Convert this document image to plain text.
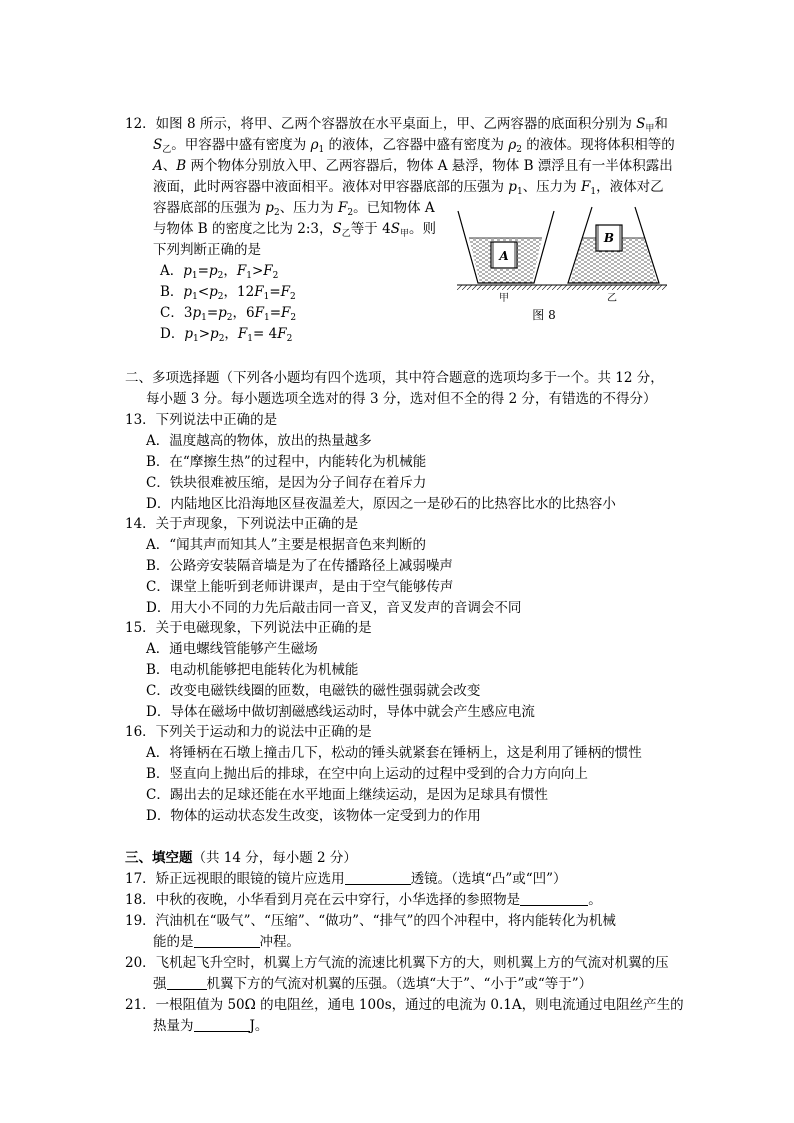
12．如图 8 所示，将甲、乙两个容器放在水平桌面上，甲、乙两容器的底面积分别为 $S_甲$和
$S_乙$。甲容器中盛有密度为 $\rho_1$ 的液体，乙容器中盛有密度为 $\rho_2$ 的液体。现将体积相等的
A、B 两个物体分别放入甲、乙两容器后，物体 A 悬浮，物体 B 漂浮且有一半体积露出
液面，此时两容器中液面相平。液体对甲容器底部的压强为 $p_1$、压力为 $F_1$，液体对乙
容器底部的压强为 $p_2$、压力为 $F_2$。已知物体 A
与物体 B 的密度之比为 2:3，$S_乙$等于 $4S_甲$。则
下列判断正确的是
A．$p_1=p_2$，$F_1>F_2$
B．$p_1<p_2$，$12F_1=F_2$
C．$3p_1=p_2$，$6F_1=F_2$
D．$p_1>p_2$，$F_1= 4F_2$
A
B
甲	乙
图 8
二、多项选择题（下列各小题均有四个选项，其中符合题意的选项均多于一个。共 12 分，
每小题 3 分。每小题选项全选对的得 3 分，选对但不全的得 2 分，有错选的不得分）
13．下列说法中正确的是
A．温度越高的物体，放出的热量越多
B．在“摩擦生热”的过程中，内能转化为机械能
C．铁块很难被压缩，是因为分子间存在着斥力
D．内陆地区比沿海地区昼夜温差大，原因之一是砂石的比热容比水的比热容小
14．关于声现象，下列说法中正确的是
A．“闻其声而知其人”主要是根据音色来判断的
B．公路旁安装隔音墙是为了在传播路径上减弱噪声
C．课堂上能听到老师讲课声，是由于空气能够传声
D．用大小不同的力先后敲击同一音叉，音叉发声的音调会不同
15．关于电磁现象，下列说法中正确的是
A．通电螺线管能够产生磁场
B．电动机能够把电能转化为机械能
C．改变电磁铁线圈的匝数，电磁铁的磁性强弱就会改变
D．导体在磁场中做切割磁感线运动时，导体中就会产生感应电流
16．下列关于运动和力的说法中正确的是
A．将锤柄在石墩上撞击几下，松动的锤头就紧套在锤柄上，这是利用了锤柄的惯性
B．竖直向上抛出后的排球，在空中向上运动的过程中受到的合力方向向上
C．踢出去的足球还能在水平地面上继续运动，是因为足球具有惯性
D．物体的运动状态发生改变，该物体一定受到力的作用
三、填空题（共 14 分，每小题 2 分）
17．矫正远视眼的眼镜的镜片应选用	透镜。（选填“凸”或“凹”）
18．中秋的夜晚，小华看到月亮在云中穿行，小华选择的参照物是	。
19．汽油机在“吸气”、“压缩”、“做功”、“排气”的四个冲程中，将内能转化为机械
能的是	冲程。
20．飞机起飞升空时，机翼上方气流的流速比机翼下方的大，则机翼上方的气流对机翼的压
强	机翼下方的气流对机翼的压强。（选填“大于”、“小于”或“等于”）
21．一根阻值为 50Ω 的电阻丝，通电 100s，通过的电流为 0.1A，则电流通过电阻丝产生的
热量为	J。
